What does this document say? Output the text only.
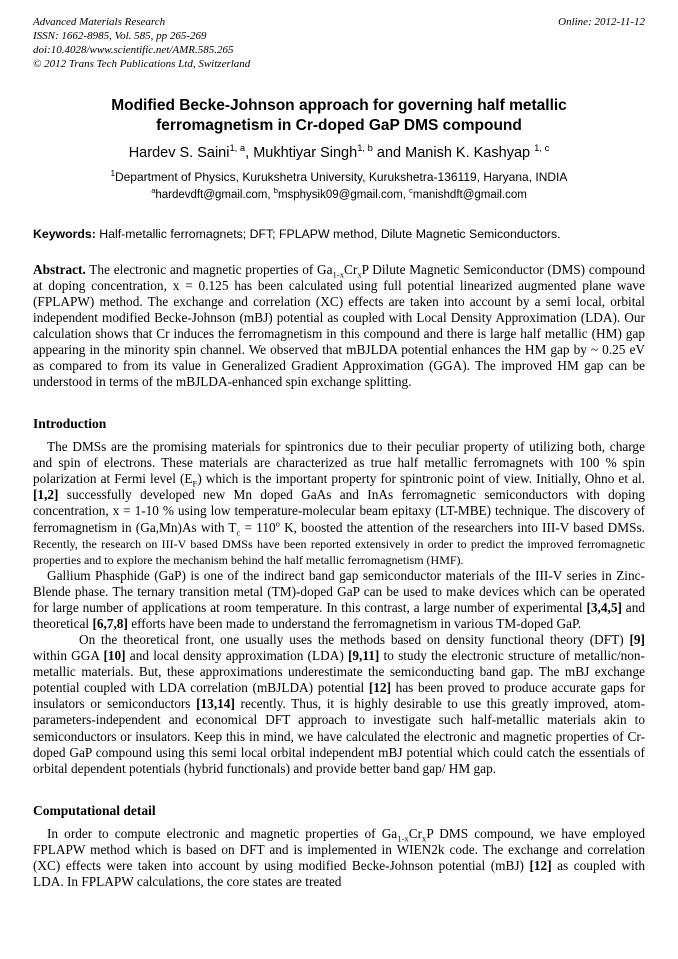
Advanced Materials Research
ISSN: 1662-8985, Vol. 585, pp 265-269
doi:10.4028/www.scientific.net/AMR.585.265
© 2012 Trans Tech Publications Ltd, Switzerland
Online: 2012-11-12
Modified Becke-Johnson approach for governing half metallic ferromagnetism in Cr-doped GaP DMS compound
Hardev S. Saini$^{1, a}$, Mukhtiyar Singh$^{1, b}$ and Manish K. Kashyap $^{1, c}$
$^1$Department of Physics, Kurukshetra University, Kurukshetra-136119, Haryana, INDIA
$^a$hardevdft@gmail.com, $^b$msphysik09@gmail.com, $^c$manishdft@gmail.com

Keywords: Half-metallic ferromagnets; DFT; FPLAPW method, Dilute Magnetic Semiconductors.

Abstract. The electronic and magnetic properties of $Ga_{1-x}Cr_xP$ Dilute Magnetic Semiconductor (DMS) compound at doping concentration, x = 0.125 has been calculated using full potential linearized augmented plane wave (FPLAPW) method. The exchange and correlation (XC) effects are taken into account by a semi local, orbital independent modified Becke-Johnson (mBJ) potential as coupled with Local Density Approximation (LDA). Our calculation shows that Cr induces the ferromagnetism in this compound and there is large half metallic (HM) gap appearing in the minority spin channel. We observed that mBJLDA potential enhances the HM gap by ~ 0.25 eV as compared to from its value in Generalized Gradient Approximation (GGA). The improved HM gap can be understood in terms of the mBJLDA-enhanced spin exchange splitting.

Introduction

The DMSs are the promising materials for spintronics due to their peculiar property of utilizing both, charge and spin of electrons. These materials are characterized as true half metallic ferromagnets with 100 % spin polarization at Fermi level $(E_F)$ which is the important property for spintronic point of view. Initially, Ohno et al. [1,2] successfully developed new Mn doped GaAs and InAs ferromagnetic semiconductors with doping concentration, x = 1-10 % using low temperature-molecular beam epitaxy (LT-MBE) technique. The discovery of ferromagnetism in (Ga,Mn)As with $T_c = 110^o$ K, boosted the attention of the researchers into III-V based DMSs. Recently, the research on III-V based DMSs have been reported extensively in order to predict the improved ferromagnetic properties and to explore the mechanism behind the half metallic ferromagnetism (HMF).

Gallium Phasphide (GaP) is one of the indirect band gap semiconductor materials of the III-V series in Zinc-Blende phase. The ternary transition metal (TM)-doped GaP can be used to make devices which can be operated for large number of applications at room temperature. In this contrast, a large number of experimental [3,4,5] and theoretical [6,7,8] efforts have been made to understand the ferromagnetism in various TM-doped GaP.

On the theoretical front, one usually uses the methods based on density functional theory (DFT) [9] within GGA [10] and local density approximation (LDA) [9,11] to study the electronic structure of metallic/non-metallic materials. But, these approximations underestimate the semiconducting band gap. The mBJ exchange potential coupled with LDA correlation (mBJLDA) potential [12] has been proved to produce accurate gaps for insulators or semiconductors [13,14] recently. Thus, it is highly desirable to use this greatly improved, atom-parameters-independent and economical DFT approach to investigate such half-metallic materials akin to semiconductors or insulators. Keep this in mind, we have calculated the electronic and magnetic properties of Cr-doped GaP compound using this semi local orbital independent mBJ potential which could catch the essentials of orbital dependent potentials (hybrid functionals) and provide better band gap/ HM gap.

Computational detail

In order to compute electronic and magnetic properties of $Ga_{1-x}Cr_xP$ DMS compound, we have employed FPLAPW method which is based on DFT and is implemented in WIEN2k code. The exchange and correlation (XC) effects were taken into account by using modified Becke-Johnson potential (mBJ) [12] as coupled with LDA. In FPLAPW calculations, the core states are treated
